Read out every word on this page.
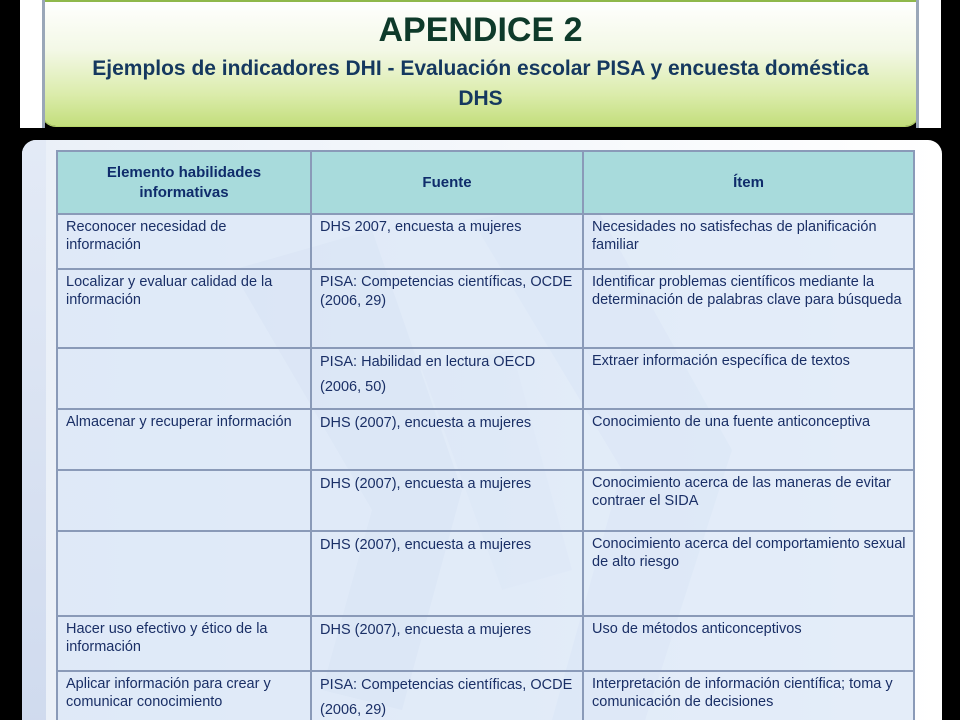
APENDICE 2
Ejemplos de indicadores DHI - Evaluación escolar PISA y encuesta doméstica DHS
Elemento habilidades informativas	Fuente	Ítem
Reconocer necesidad de información	DHS 2007, encuesta a mujeres	Necesidades no satisfechas de planificación familiar
Localizar y evaluar calidad de la información	PISA: Competencias científicas, OCDE (2006, 29)	Identificar problemas científicos mediante la determinación de palabras clave para búsqueda
	PISA: Habilidad en lectura OECD (2006, 50)	Extraer información específica de textos
Almacenar y recuperar información	DHS (2007), encuesta a mujeres	Conocimiento de una fuente anticonceptiva
	DHS (2007), encuesta a mujeres	Conocimiento acerca de las maneras de evitar contraer el SIDA
	DHS (2007), encuesta a mujeres	Conocimiento acerca del comportamiento sexual de alto riesgo
Hacer uso efectivo y ético de la información	DHS (2007), encuesta a mujeres	Uso de métodos anticonceptivos
Aplicar información para crear y comunicar conocimiento	PISA: Competencias científicas, OCDE (2006, 29)	Interpretación de información científica; toma y comunicación de decisiones
